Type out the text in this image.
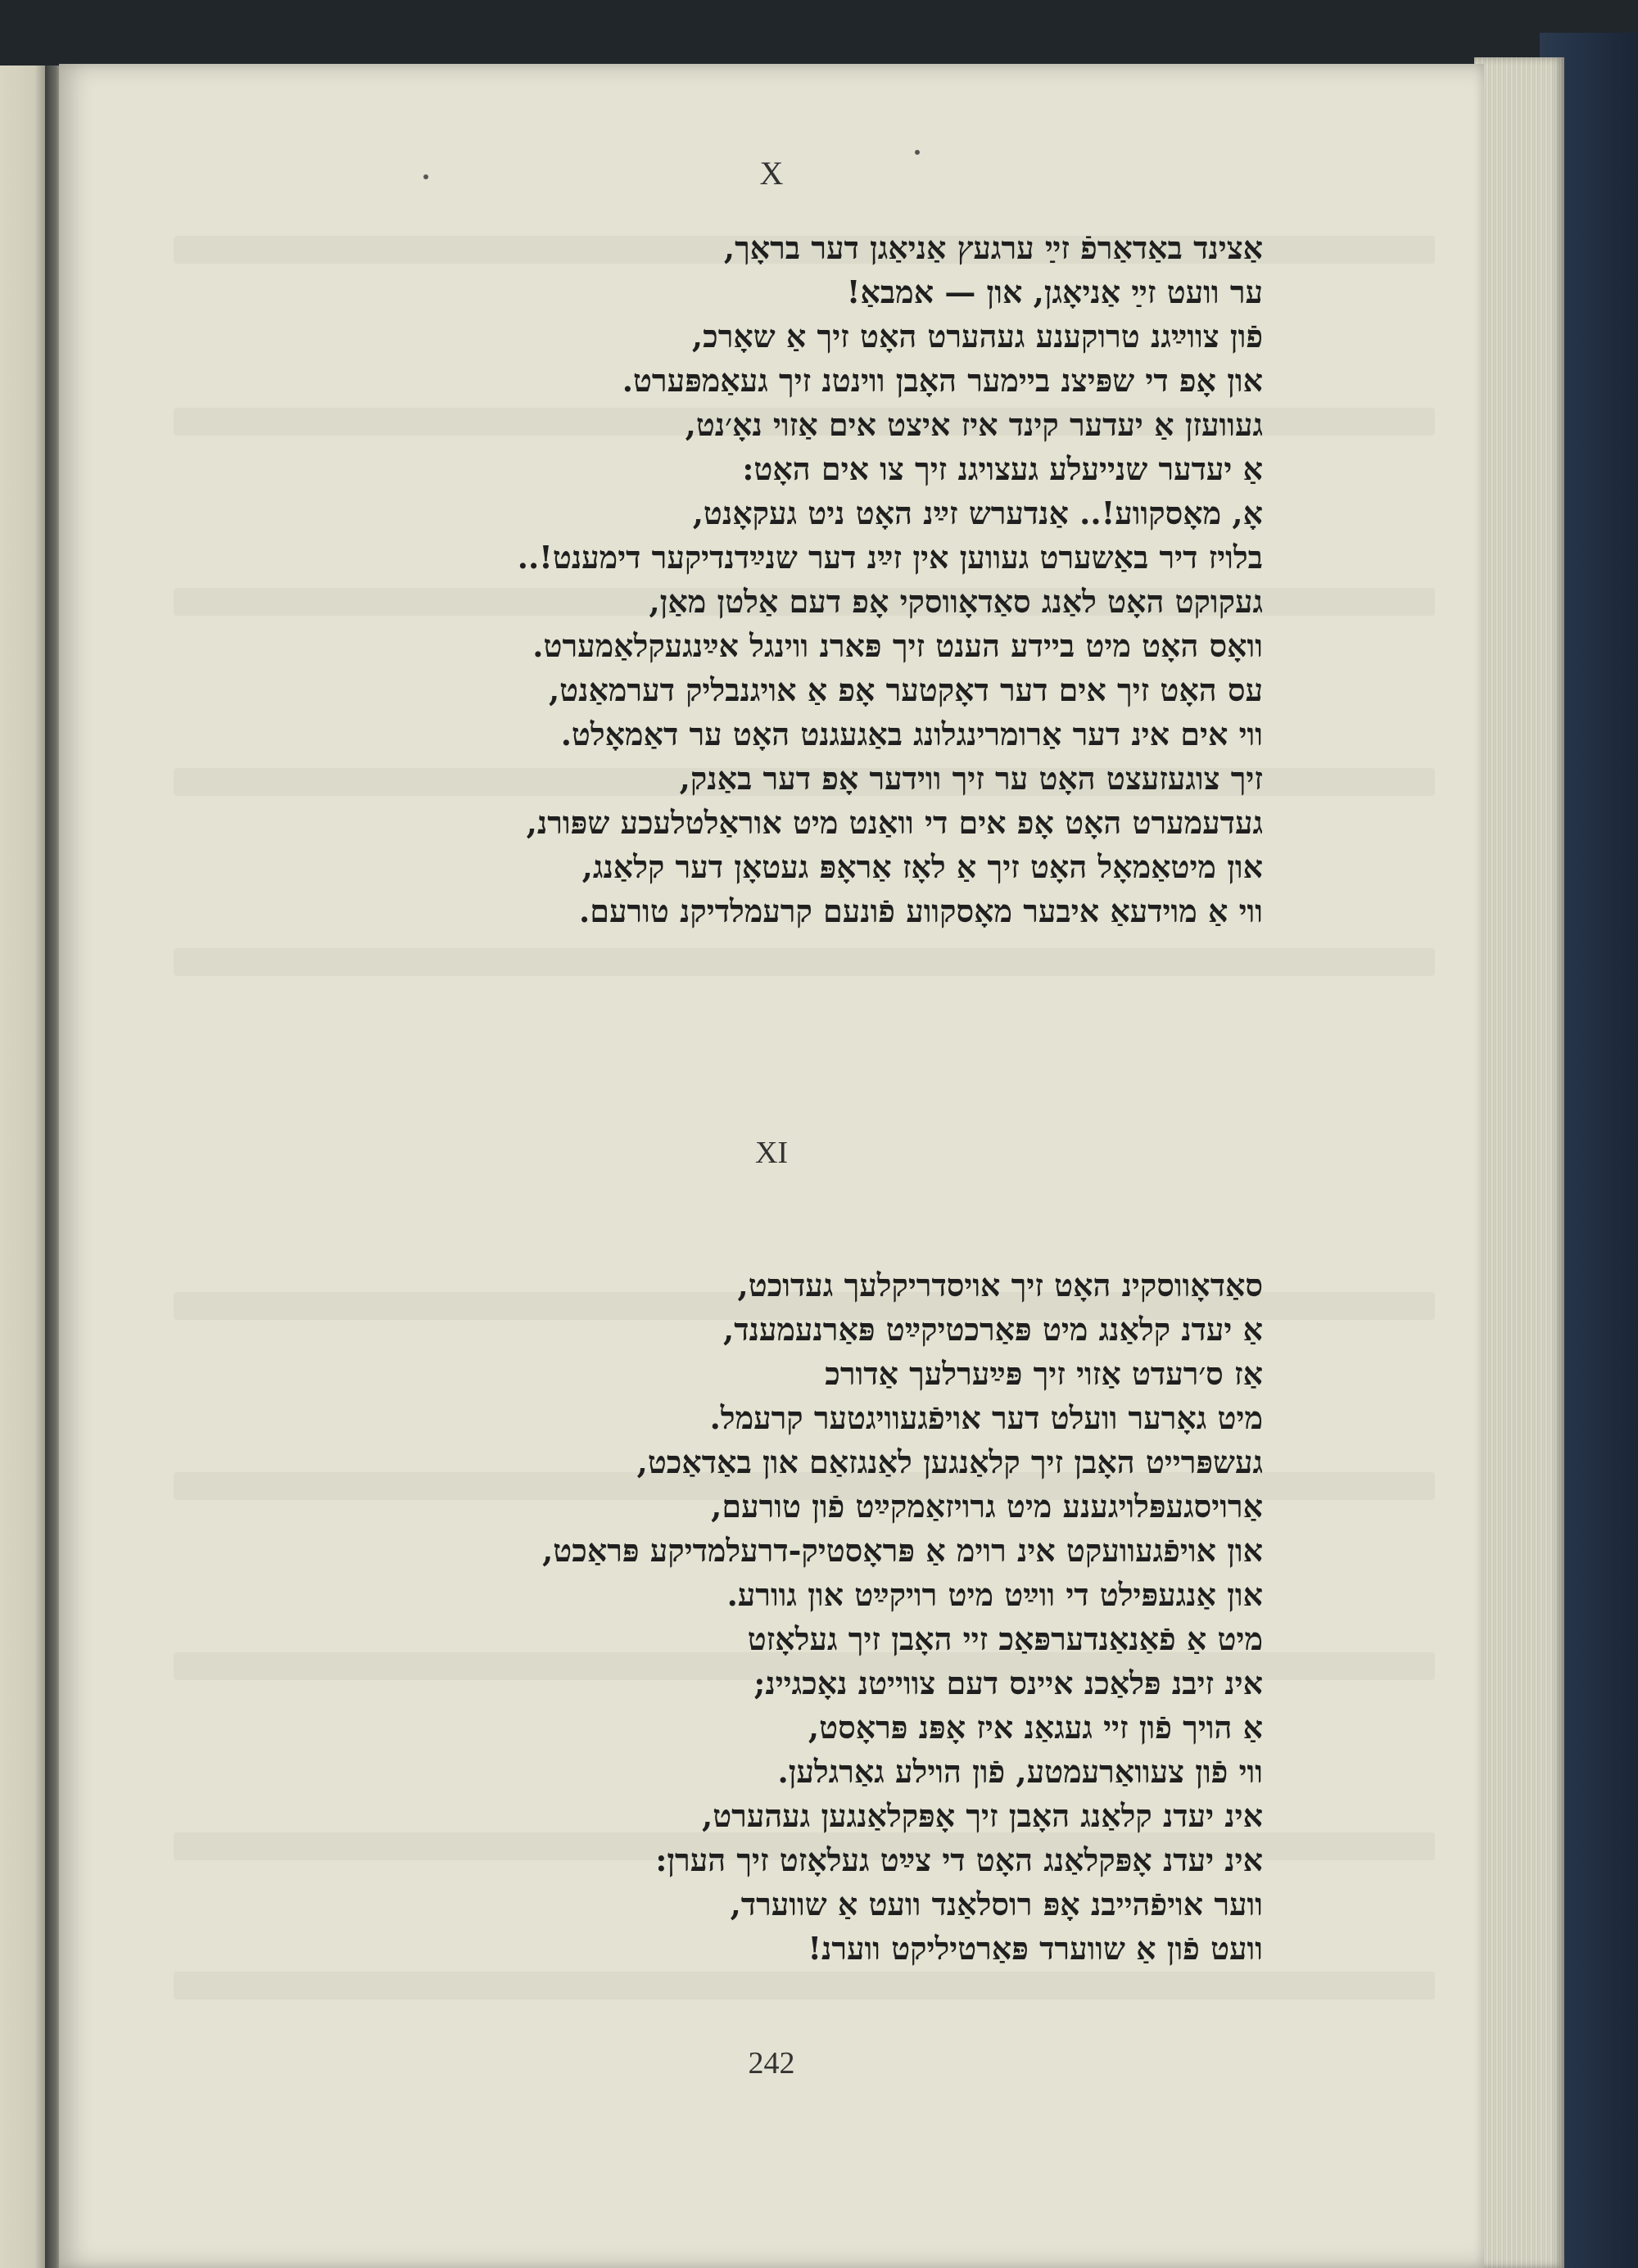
X
אַצינד באַדאַרפֿ זײַ ערגעץ אַניאַגן דער בראָך,
ער וועט זײַ אַניאָגן, און — אמבאַ!
פֿון צווײַגנ טרוקענע געהערט האָט זיך אַ שאָרכ,
און אָפ די שפּיצנ ביימער האָבן ווינטנ זיך געאַמפּערט.
געוועזן אַ יעדער קינד איז איצט אים אַזוי נאָ׳נט,
אַ יעדער שנייעלע געצויגנ זיך צו אים האָט:
אָ, מאָסקווע!.. אַנדערש זײַנ האָט ניט געקאָנט,
בלויז דיר באַשערט געווען אין זײַנ דער שנײַדנדיקער דימענט!..
געקוקט האָט לאַנג סאַדאָווסקי אָפ דעם אַלטן מאַן,
וואָס האָט מיט ביידע הענט זיך פּארנ ווינגל אײַנגעקלאַמערט.
עס האָט זיך אים דער דאָקטער אָפ אַ אויגנבליק דערמאַנט,
ווי אים אינ דער אַרומרינגלונג באַגעגנט האָט ער דאַמאָלט.
זיך צוגעזעצט האָט ער זיך ווידער אָפ דער באַנק,
געדעמערט האָט אָפ אים די וואַנט מיט אוראַלטלעכע שפּורנ,
און מיטאַמאָל האָט זיך אַ לאָז אַראָפּ געטאָן דער קלאַנג,
ווי אַ מוידעאַ איבער מאָסקווע פֿונעם קרעמלדיקנ טורעם.
XI
סאַדאָווסקינ האָט זיך אויסדריקלעך געדוכט,
אַ יעדנ קלאַנג מיט פּאַרכטיקײַט פּאַרנעמענד,
אַז ס׳רעדט אַזוי זיך פּײַערלעך אַדורכ
מיט גאָרער וועלט דער אויפֿגעוויגטער קרעמל.
געשפּרייט האָבן זיך קלאַנגען לאַנגזאַם און באַדאַכט,
אַרויסגעפּלויגענע מיט גרויזאַמקײַט פֿון טורעם,
און אויפֿגעוועקט אינ רוימ אַ פּראָסטיק-דרעלמדיקע פּראַכט,
און אַנגעפּילט די ווײַט מיט רויקײַט און גוורע.
מיט אַ פֿאַנאַנדערפּאַכ זיי האָבן זיך געלאָזט
אינ זיבנ פּלאַכנ איינס דעם צווייטנ נאָכגיינ;
אַ הויך פֿון זיי געגאַנ איז אָפּנ פּראָסט,
ווי פֿון צעוואַרעמטע, פֿון הוילע גאַרגלען.
אינ יעדנ קלאַנג האָבן זיך אָפּקלאַנגען געהערט,
אינ יעדנ אָפּקלאַנג האָט די צײַט געלאָזט זיך הערן:
ווער אויפֿהייבנ אָפּ רוסלאַנד וועט אַ שווערד,
וועט פֿון אַ שווערד פּאַרטיליקט ווערנ!
242
